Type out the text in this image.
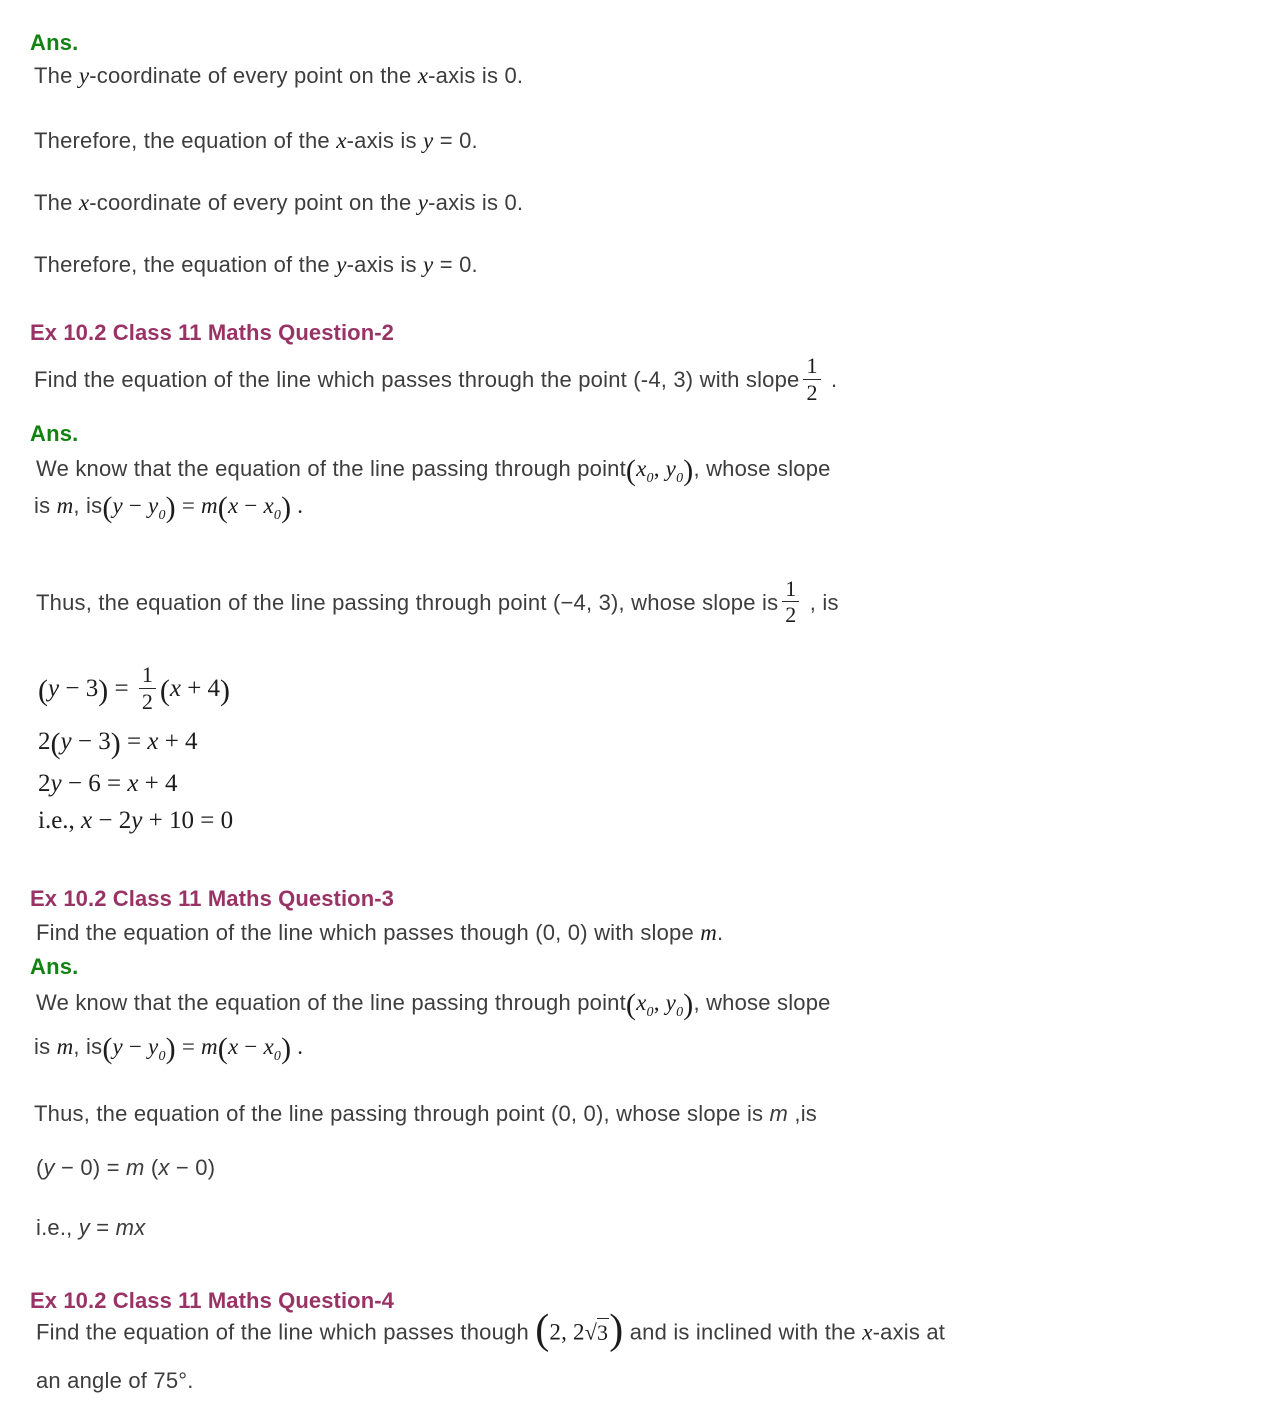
Ans.
The y-coordinate of every point on the x-axis is 0.
Therefore, the equation of the x-axis is y = 0.
The x-coordinate of every point on the y-axis is 0.
Therefore, the equation of the y-axis is y = 0.
Ex 10.2 Class 11 Maths Question-2
Find the equation of the line which passes through the point (-4, 3) with slope $\frac{1}{2}$ .
Ans.
We know that the equation of the line passing through $point(x_0$, $y_0$), whose slope
is m, $is(y - y_0) = m(x - x_0)$ .
Thus, the equation of the line passing through point (−4, 3), whose slope is $\frac{1}{2}$ , is
$(y - 3) = \frac{1}{2} (x + 4)$
2(y − 3) = x + 4
2y − 6 = x + 4
i.e., x − 2y + 10 = 0
Ex 10.2 Class 11 Maths Question-3
Find the equation of the line which passes though (0, 0) with slope m.
Ans.
We know that the equation of the line passing through $point(x_0$, $y_0$), whose slope
is m, $is(y - y_0) = m(x - x_0)$ .
Thus, the equation of the line passing through point (0, 0), whose slope is m ,is
(y − 0) = m (x − 0)
i.e., y = mx
Ex 10.2 Class 11 Maths Question-4
Find the equation of the line which passes though (2, 2√3) and is inclined with the x-axis at
an angle of 75°.
